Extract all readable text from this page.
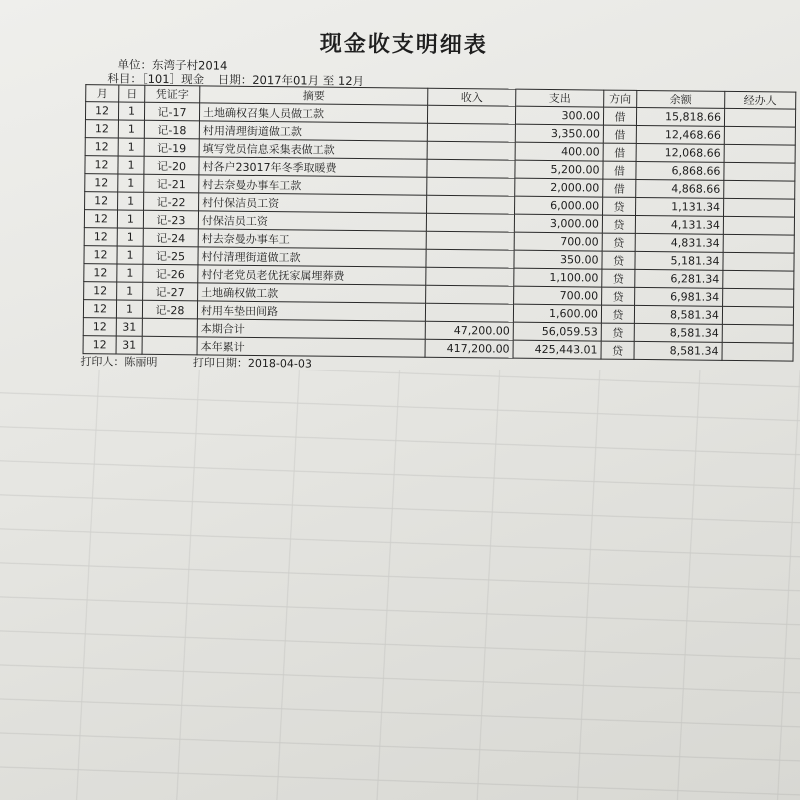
现金收支明细表
单位：东湾子村2014
科目：［101］现金 日期：2017年01月 至 12月
月	日	凭证字	摘要	收入	支出	方向	余额	经办人
12	1	记-17	土地确权召集人员做工款		300.00	借	15,818.66	
12	1	记-18	村用清理街道做工款		3,350.00	借	12,468.66	
12	1	记-19	填写党员信息采集表做工款		400.00	借	12,068.66	
12	1	记-20	村各户23017年冬季取暖费		5,200.00	借	6,868.66	
12	1	记-21	村去奈曼办事车工款		2,000.00	借	4,868.66	
12	1	记-22	村付保洁员工资		6,000.00	贷	1,131.34	
12	1	记-23	付保洁员工资		3,000.00	贷	4,131.34	
12	1	记-24	村去奈曼办事车工		700.00	贷	4,831.34	
12	1	记-25	村付清理街道做工款		350.00	贷	5,181.34	
12	1	记-26	村付老党员老优抚家属埋葬费		1,100.00	贷	6,281.34	
12	1	记-27	土地确权做工款		700.00	贷	6,981.34	
12	1	记-28	村用车垫田间路		1,600.00	贷	8,581.34	
12	31		本期合计	47,200.00	56,059.53	贷	8,581.34	
12	31		本年累计	417,200.00	425,443.01	贷	8,581.34	
打印人：陈丽明	打印日期：2018-04-03
